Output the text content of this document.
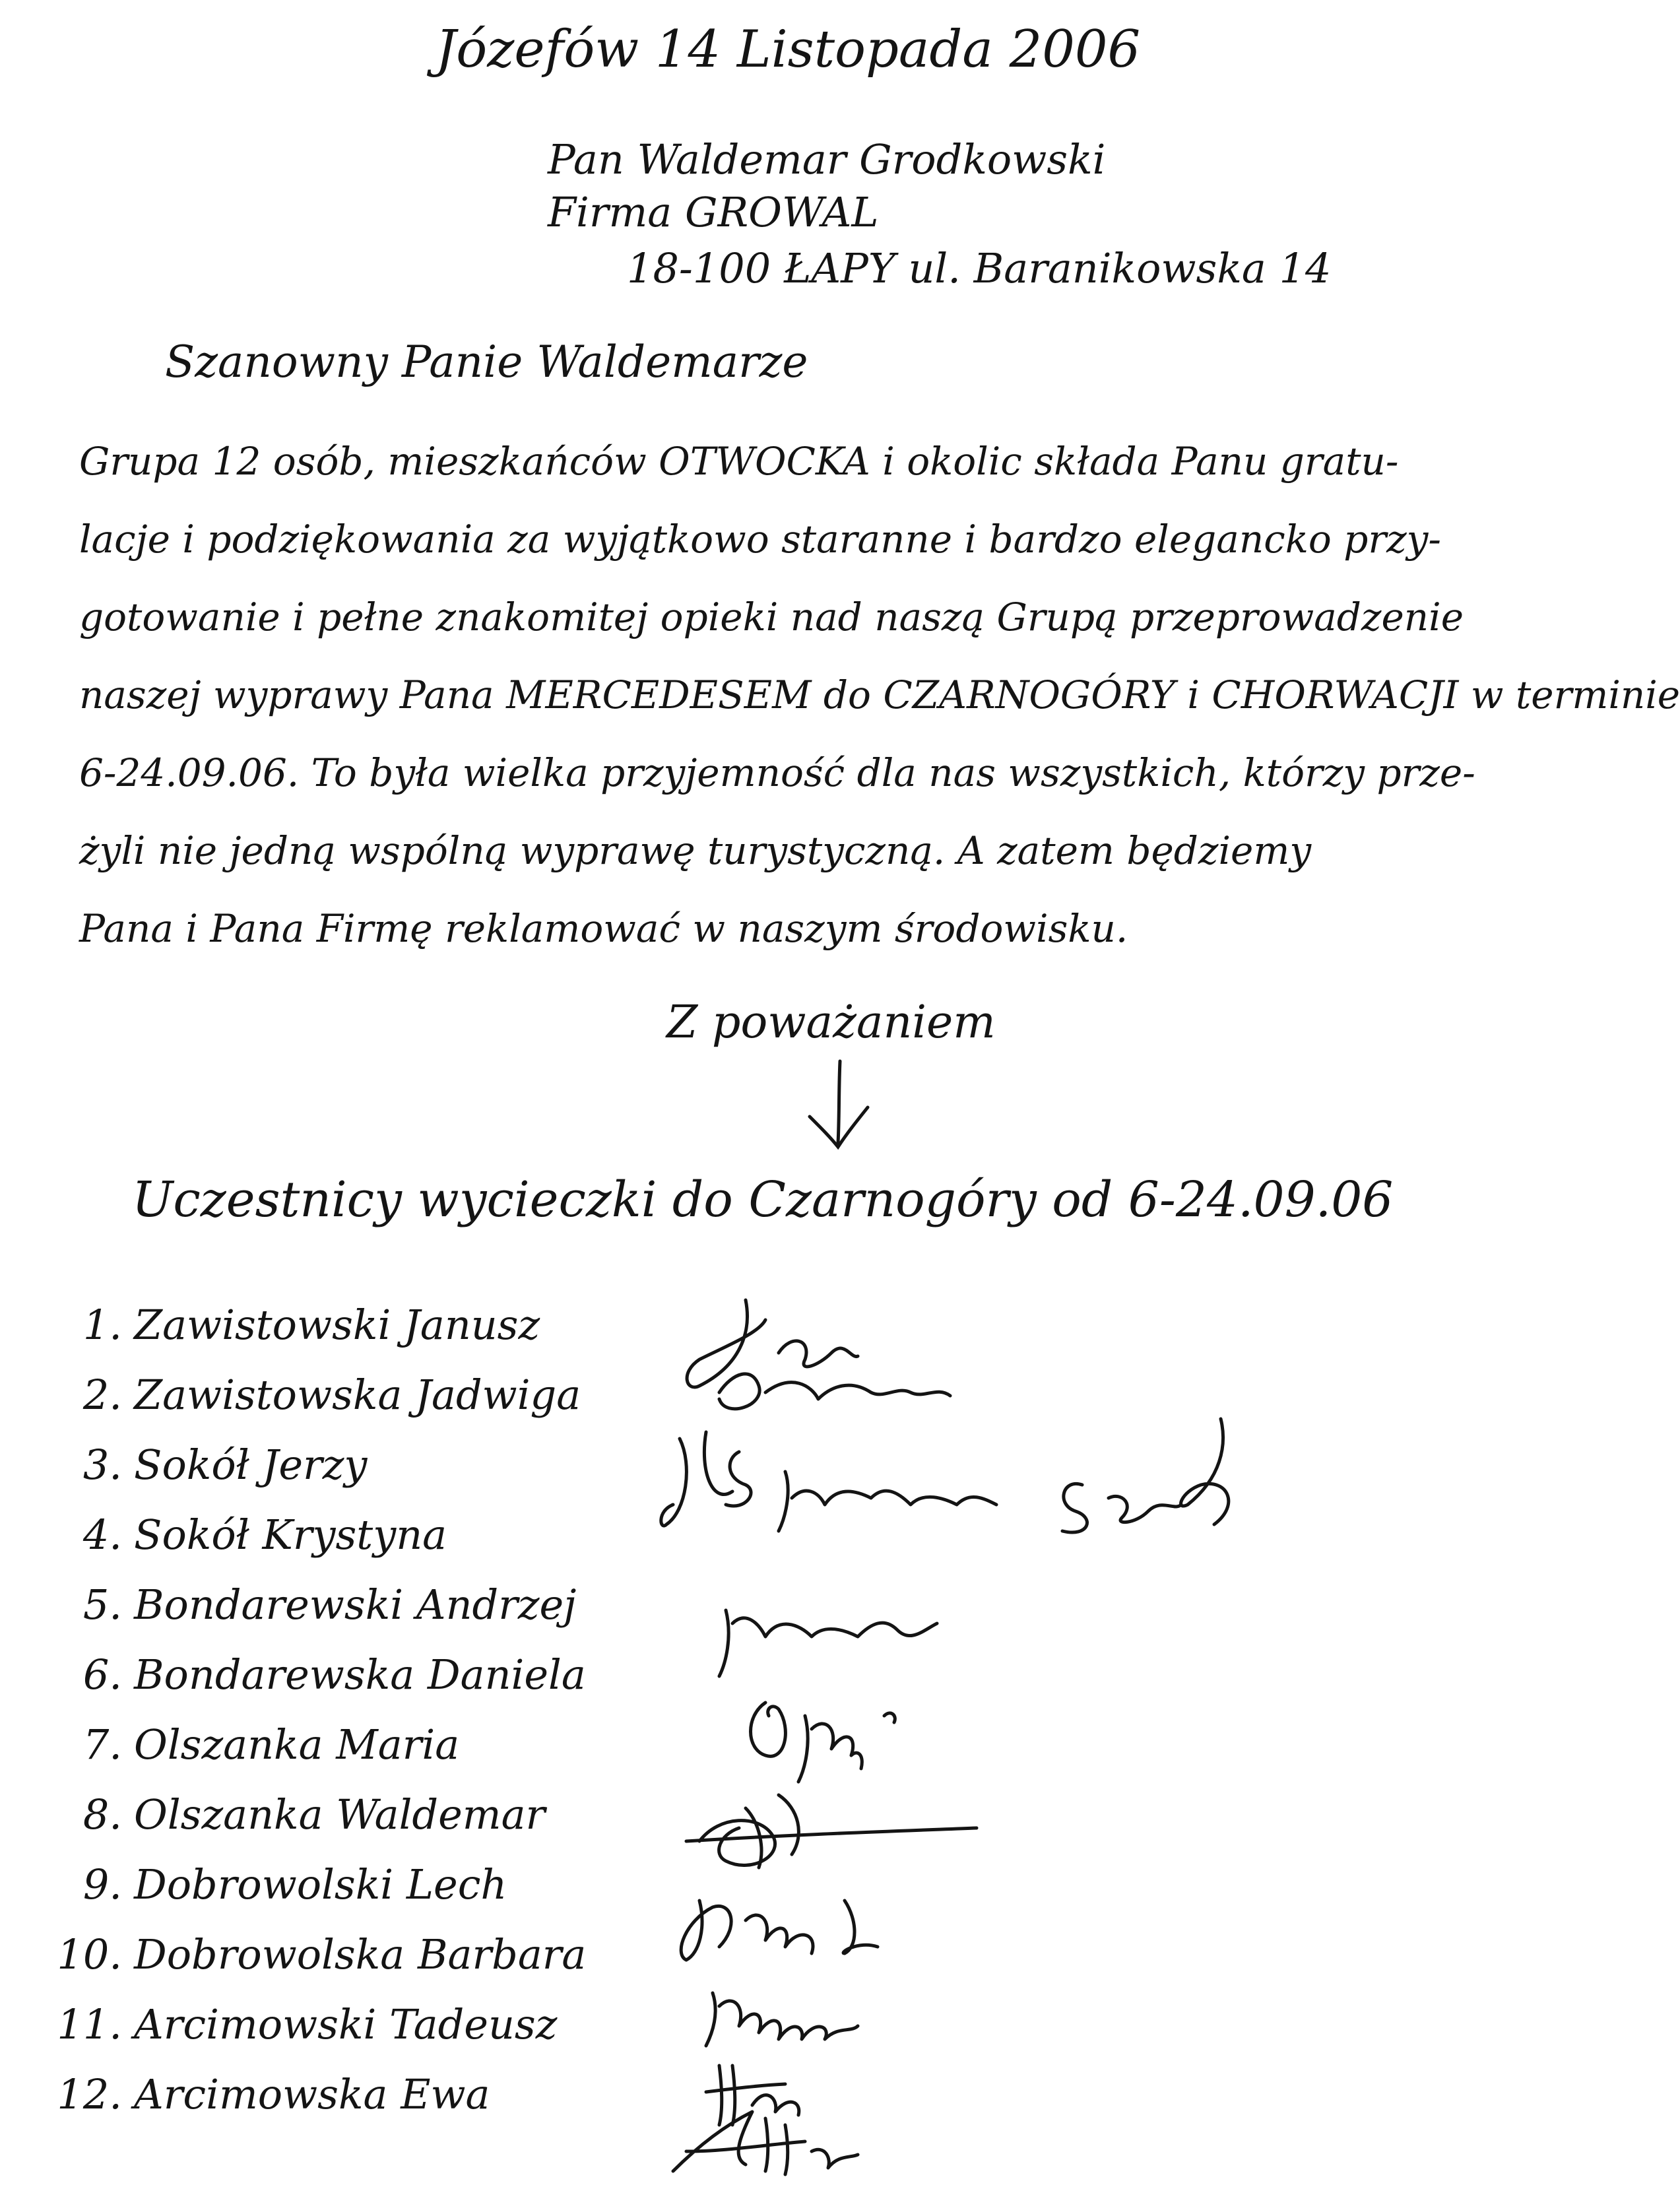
Józefów 14 Listopada 2006
Pan Waldemar Grodkowski
Firma GROWAL
18-100 ŁAPY ul. Baranikowska 14
Szanowny Panie Waldemarze
Grupa 12 osób, mieszkańców OTWOCKA i okolic składa Panu gratu-
lacje i podziękowania za wyjątkowo staranne i bardzo elegancko przy-
gotowanie i pełne znakomitej opieki nad naszą Grupą przeprowadzenie
naszej wyprawy Pana MERCEDESEM do CZARNOGÓRY i CHORWACJI w terminie
6-24.09.06. To była wielka przyjemność dla nas wszystkich, którzy prze-
żyli nie jedną wspólną wyprawę turystyczną. A zatem będziemy
Pana i Pana Firmę reklamować w naszym środowisku.
Z poważaniem
Uczestnicy wycieczki do Czarnogóry od 6-24.09.06
1. Zawistowski Janusz
2. Zawistowska Jadwiga
3. Sokół Jerzy
4. Sokół Krystyna
5. Bondarewski Andrzej
6. Bondarewska Daniela
7. Olszanka Maria
8. Olszanka Waldemar
9. Dobrowolski Lech
10. Dobrowolska Barbara
11. Arcimowski Tadeusz
12. Arcimowska Ewa
